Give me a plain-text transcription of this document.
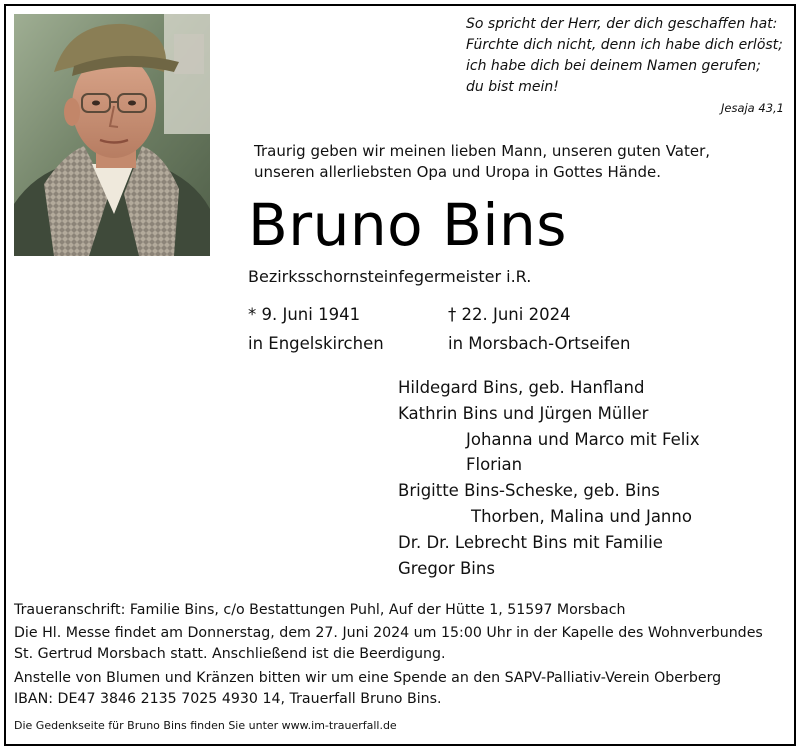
So spricht der Herr, der dich geschaffen hat:
Fürchte dich nicht, denn ich habe dich erlöst;
ich habe dich bei deinem Namen gerufen;
du bist mein!
Jesaja 43,1
Traurig geben wir meinen lieben Mann, unseren guten Vater,
unseren allerliebsten Opa und Uropa in Gottes Hände.
Bruno Bins
Bezirksschornsteinfegermeister i.R.
* 9. Juni 1941
in Engelskirchen
† 22. Juni 2024
in Morsbach-Ortseifen
Hildegard Bins, geb. Hanfland
Kathrin Bins und Jürgen Müller
Johanna und Marco mit Felix
Florian
Brigitte Bins-Scheske, geb. Bins
Thorben, Malina und Janno
Dr. Dr. Lebrecht Bins mit Familie
Gregor Bins
Traueranschrift: Familie Bins, c/o Bestattungen Puhl, Auf der Hütte 1, 51597 Morsbach
Die Hl. Messe findet am Donnerstag, dem 27. Juni 2024 um 15:00 Uhr in der Kapelle des Wohnverbundes
St. Gertrud Morsbach statt. Anschließend ist die Beerdigung.
Anstelle von Blumen und Kränzen bitten wir um eine Spende an den SAPV-Palliativ-Verein Oberberg
IBAN: DE47 3846 2135 7025 4930 14, Trauerfall Bruno Bins.
Die Gedenkseite für Bruno Bins finden Sie unter www.im-trauerfall.de
